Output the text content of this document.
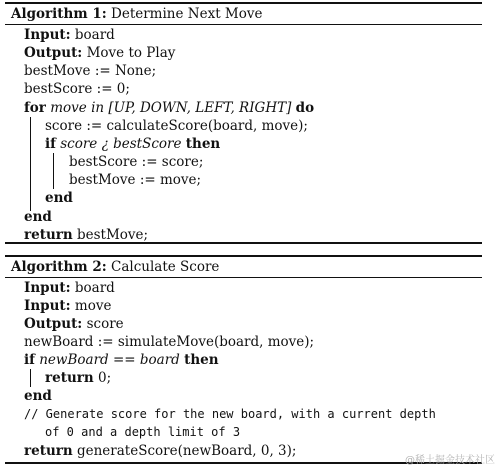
Algorithm 1: Determine Next Move
Input: board
Output: Move to Play
bestMove := None;
bestScore := 0;
for move in [UP, DOWN, LEFT, RIGHT] do
score := calculateScore(board, move);
if score ¿ bestScore then
bestScore := score;
bestMove := move;
end
end
return bestMove;
Algorithm 2: Calculate Score
Input: board
Input: move
Output: score
newBoard := simulateMove(board, move);
if newBoard == board then
return 0;
end
// Generate score for the new board, with a current depth
of 0 and a depth limit of 3
return generateScore(newBoard, 0, 3);
@稀土掘金技术社区
